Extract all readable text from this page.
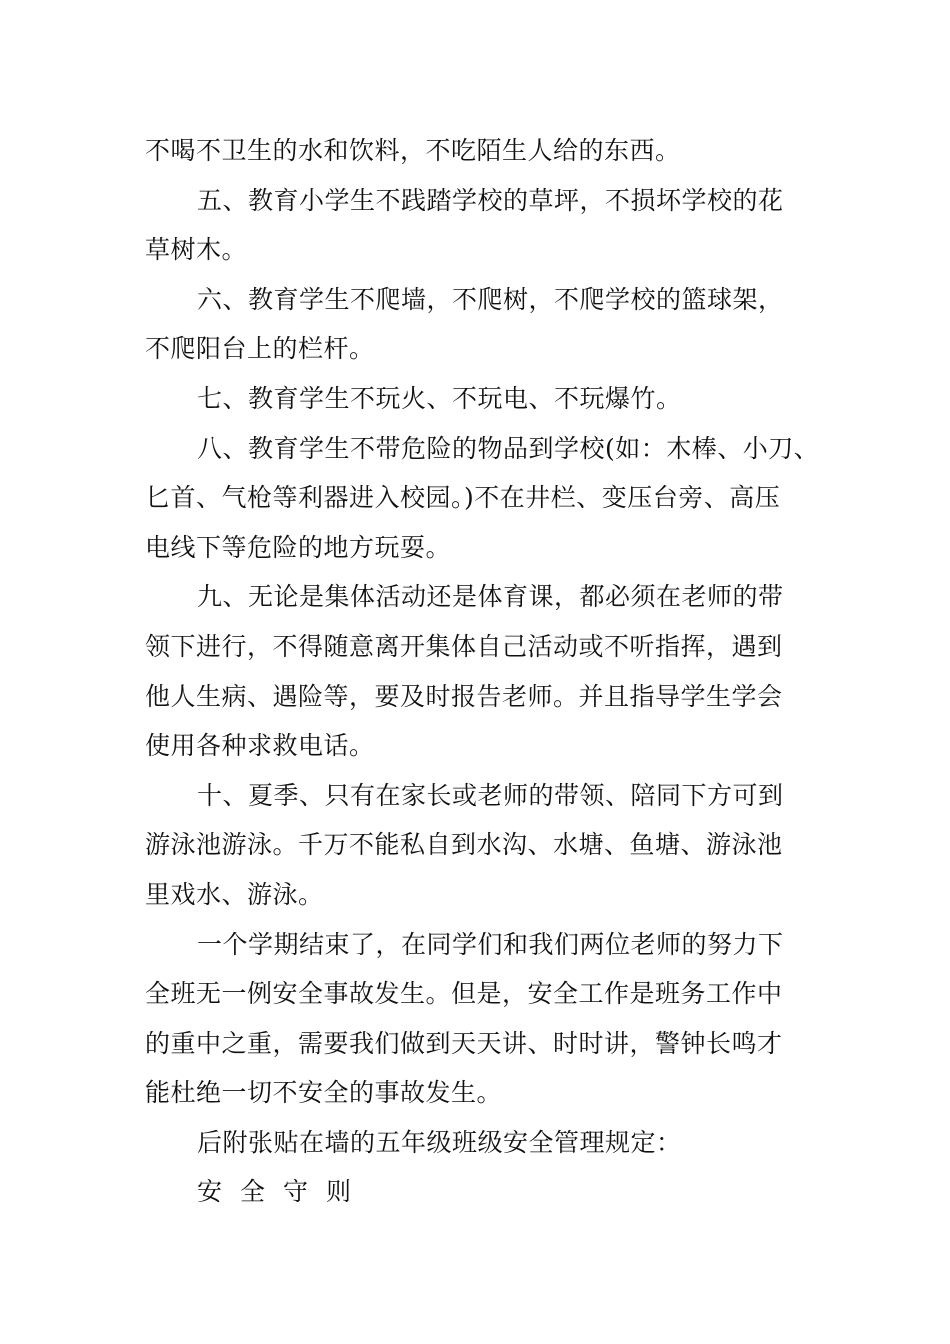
不喝不卫生的水和饮料，不吃陌生人给的东西。
五、教育小学生不践踏学校的草坪，不损坏学校的花
草树木。
六、教育学生不爬墙，不爬树，不爬学校的篮球架，
不爬阳台上的栏杆。
七、教育学生不玩火、不玩电、不玩爆竹。
八、教育学生不带危险的物品到学校(如：木棒、小刀、
匕首、气枪等利器进入校园。)不在井栏、变压台旁、高压
电线下等危险的地方玩耍。
九、无论是集体活动还是体育课，都必须在老师的带
领下进行，不得随意离开集体自己活动或不听指挥，遇到
他人生病、遇险等，要及时报告老师。并且指导学生学会
使用各种求救电话。
十、夏季、只有在家长或老师的带领、陪同下方可到
游泳池游泳。千万不能私自到水沟、水塘、鱼塘、游泳池
里戏水、游泳。
一个学期结束了，在同学们和我们两位老师的努力下
全班无一例安全事故发生。但是，安全工作是班务工作中
的重中之重，需要我们做到天天讲、时时讲，警钟长鸣才
能杜绝一切不安全的事故发生。
后附张贴在墙的五年级班级安全管理规定：
安全守则
